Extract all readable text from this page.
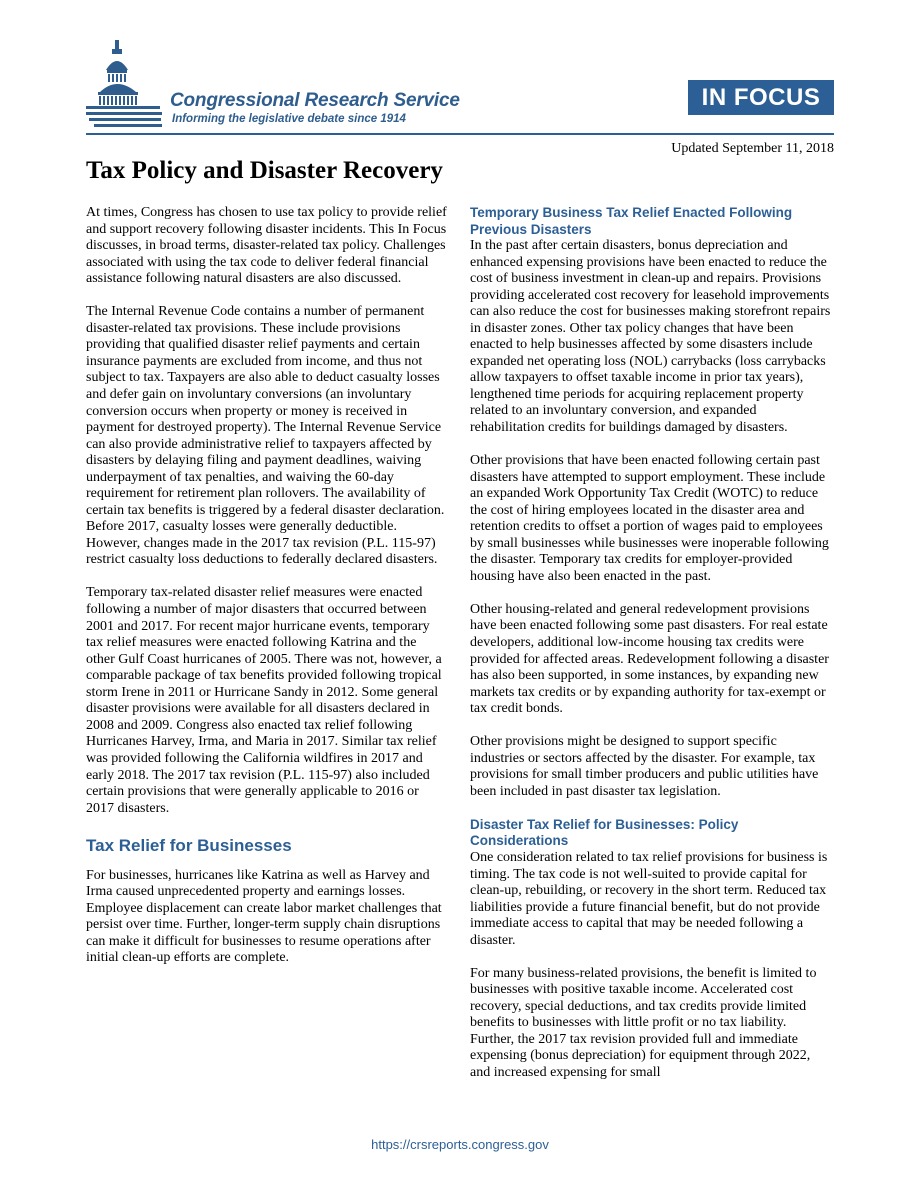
Congressional Research Service
Informing the legislative debate since 1914
IN FOCUS
Updated September 11, 2018
Tax Policy and Disaster Recovery

At times, Congress has chosen to use tax policy to provide relief and support recovery following disaster incidents. This In Focus discusses, in broad terms, disaster-related tax policy. Challenges associated with using the tax code to deliver federal financial assistance following natural disasters are also discussed.

The Internal Revenue Code contains a number of permanent disaster-related tax provisions. These include provisions providing that qualified disaster relief payments and certain insurance payments are excluded from income, and thus not subject to tax. Taxpayers are also able to deduct casualty losses and defer gain on involuntary conversions (an involuntary conversion occurs when property or money is received in payment for destroyed property). The Internal Revenue Service can also provide administrative relief to taxpayers affected by disasters by delaying filing and payment deadlines, waiving underpayment of tax penalties, and waiving the 60-day requirement for retirement plan rollovers. The availability of certain tax benefits is triggered by a federal disaster declaration. Before 2017, casualty losses were generally deductible. However, changes made in the 2017 tax revision (P.L. 115-97) restrict casualty loss deductions to federally declared disasters.

Temporary tax-related disaster relief measures were enacted following a number of major disasters that occurred between 2001 and 2017. For recent major hurricane events, temporary tax relief measures were enacted following Katrina and the other Gulf Coast hurricanes of 2005. There was not, however, a comparable package of tax benefits provided following tropical storm Irene in 2011 or Hurricane Sandy in 2012. Some general disaster provisions were available for all disasters declared in 2008 and 2009. Congress also enacted tax relief following Hurricanes Harvey, Irma, and Maria in 2017. Similar tax relief was provided following the California wildfires in 2017 and early 2018. The 2017 tax revision (P.L. 115-97) also included certain provisions that were generally applicable to 2016 or 2017 disasters.

Tax Relief for Businesses

For businesses, hurricanes like Katrina as well as Harvey and Irma caused unprecedented property and earnings losses. Employee displacement can create labor market challenges that persist over time. Further, longer-term supply chain disruptions can make it difficult for businesses to resume operations after initial clean-up efforts are complete.

Temporary Business Tax Relief Enacted Following Previous Disasters

In the past after certain disasters, bonus depreciation and enhanced expensing provisions have been enacted to reduce the cost of business investment in clean-up and repairs. Provisions providing accelerated cost recovery for leasehold improvements can also reduce the cost for businesses making storefront repairs in disaster zones. Other tax policy changes that have been enacted to help businesses affected by some disasters include expanded net operating loss (NOL) carrybacks (loss carrybacks allow taxpayers to offset taxable income in prior tax years), lengthened time periods for acquiring replacement property related to an involuntary conversion, and expanded rehabilitation credits for buildings damaged by disasters.

Other provisions that have been enacted following certain past disasters have attempted to support employment. These include an expanded Work Opportunity Tax Credit (WOTC) to reduce the cost of hiring employees located in the disaster area and retention credits to offset a portion of wages paid to employees by small businesses while businesses were inoperable following the disaster. Temporary tax credits for employer-provided housing have also been enacted in the past.

Other housing-related and general redevelopment provisions have been enacted following some past disasters. For real estate developers, additional low-income housing tax credits were provided for affected areas. Redevelopment following a disaster has also been supported, in some instances, by expanding new markets tax credits or by expanding authority for tax-exempt or tax credit bonds.

Other provisions might be designed to support specific industries or sectors affected by the disaster. For example, tax provisions for small timber producers and public utilities have been included in past disaster tax legislation.

Disaster Tax Relief for Businesses: Policy Considerations

One consideration related to tax relief provisions for business is timing. The tax code is not well-suited to provide capital for clean-up, rebuilding, or recovery in the short term. Reduced tax liabilities provide a future financial benefit, but do not provide immediate access to capital that may be needed following a disaster.

For many business-related provisions, the benefit is limited to businesses with positive taxable income. Accelerated cost recovery, special deductions, and tax credits provide limited benefits to businesses with little profit or no tax liability. Further, the 2017 tax revision provided full and immediate expensing (bonus depreciation) for equipment through 2022, and increased expensing for small

https://crsreports.congress.gov
